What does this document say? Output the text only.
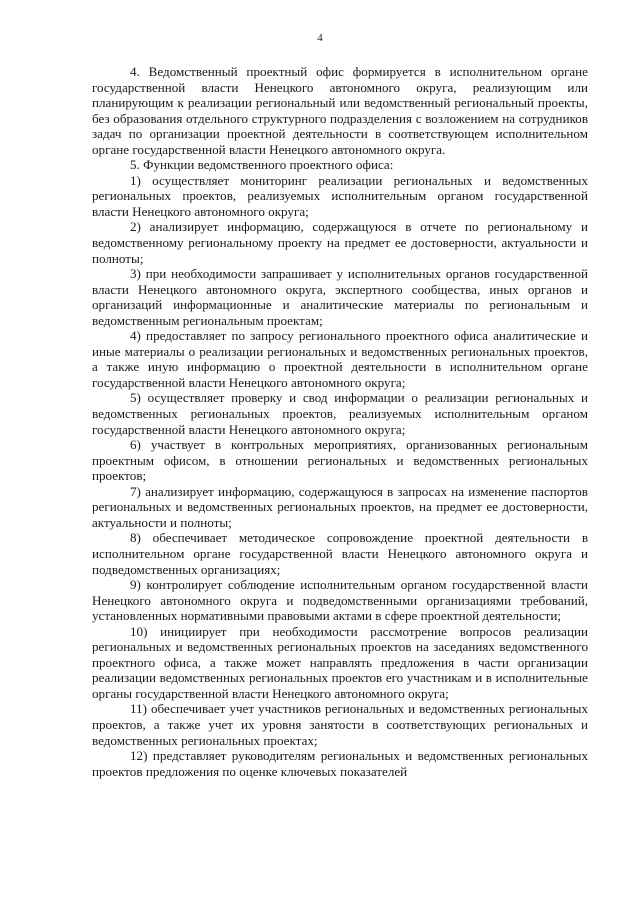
4

4. Ведомственный проектный офис формируется в исполнительном органе государственной власти Ненецкого автономного округа, реализующим или планирующим к реализации региональный или ведомственный региональный проекты, без образования отдельного структурного подразделения с возложением на сотрудников задач по организации проектной деятельности в соответствующем исполнительном органе государственной власти Ненецкого автономного округа.

5. Функции ведомственного проектного офиса:

1) осуществляет мониторинг реализации региональных и ведомственных региональных проектов, реализуемых исполнительным органом государственной власти Ненецкого автономного округа;

2) анализирует информацию, содержащуюся в отчете по региональному и ведомственному региональному проекту на предмет ее достоверности, актуальности и полноты;

3) при необходимости запрашивает у исполнительных органов государственной власти Ненецкого автономного округа, экспертного сообщества, иных органов и организаций информационные и аналитические материалы по региональным и ведомственным региональным проектам;

4) предоставляет по запросу регионального проектного офиса аналитические и иные материалы о реализации региональных и ведомственных региональных проектов, а также иную информацию о проектной деятельности в исполнительном органе государственной власти Ненецкого автономного округа;

5) осуществляет проверку и свод информации о реализации региональных и ведомственных региональных проектов, реализуемых исполнительным органом государственной власти Ненецкого автономного округа;

6) участвует в контрольных мероприятиях, организованных региональным проектным офисом, в отношении региональных и ведомственных региональных проектов;

7) анализирует информацию, содержащуюся в запросах на изменение паспортов региональных и ведомственных региональных проектов, на предмет ее достоверности, актуальности и полноты;

8) обеспечивает методическое сопровождение проектной деятельности в исполнительном органе государственной власти Ненецкого автономного округа и подведомственных организациях;

9) контролирует соблюдение исполнительным органом государственной власти Ненецкого автономного округа и подведомственными организациями требований, установленных нормативными правовыми актами в сфере проектной деятельности;

10) инициирует при необходимости рассмотрение вопросов реализации региональных и ведомственных региональных проектов на заседаниях ведомственного проектного офиса, а также может направлять предложения в части организации реализации ведомственных региональных проектов его участникам и в исполнительные органы государственной власти Ненецкого автономного округа;

11) обеспечивает учет участников региональных и ведомственных региональных проектов, а также учет их уровня занятости в соответствующих региональных и ведомственных региональных проектах;

12) представляет руководителям региональных и ведомственных региональных проектов предложения по оценке ключевых показателей
